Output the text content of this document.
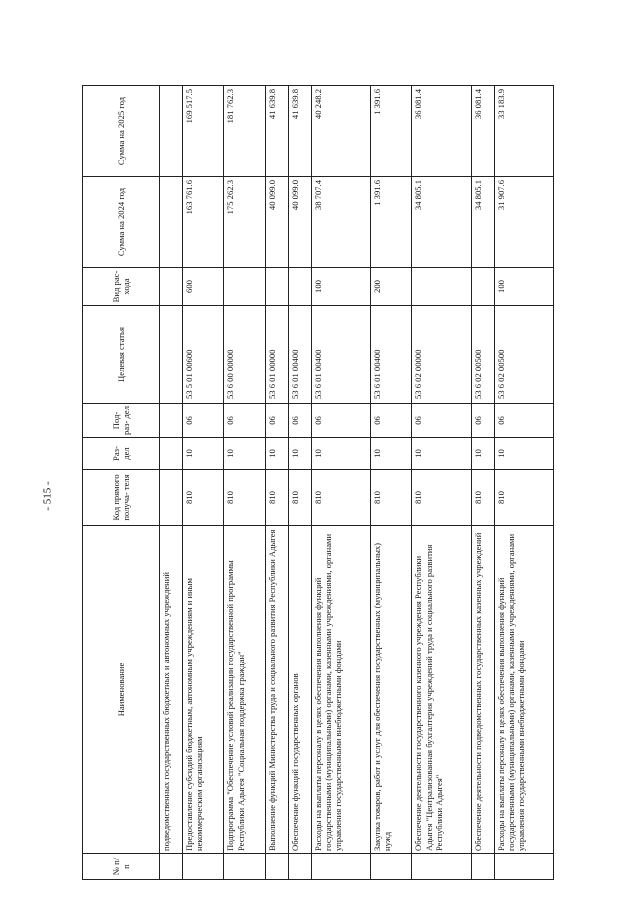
- 515 -
№ п/п	Наименование	Код прямого получа- теля	Раз- дел	Под- раз- дел	Целевая статья	Вид рас- хода	Сумма на 2024 год	Сумма на 2025 год
	подведомственных государственных бюджетных и автономных учреждений							
	Предоставление субсидий бюджетным, автономным учреждениям и иным некоммерческим организациям	810	10	06	53 5 01 00600	600	163 761.6	169 517.5
	Подпрограмма "Обеспечение условий реализации государственной программы Республики Адыгея "Социальная поддержка граждан"	810	10	06	53 6 00 00000		175 262.3	181 762.3
	Выполнение функций Министерства труда и социального развития Республики Адыгея	810	10	06	53 6 01 00000		40 099.0	41 639.8
	Обеспечение функций государственных органов	810	10	06	53 6 01 00400		40 099.0	41 639.8
	Расходы на выплаты персоналу в целях обеспечения выполнения функций государственными (муниципальными) органами, казенными учреждениями, органами управления государственными внебюджетными фондами	810	10	06	53 6 01 00400	100	38 707.4	40 248.2
	Закупка товаров, работ и услуг для обеспечения государственных (муниципальных) нужд	810	10	06	53 6 01 00400	200	1 391.6	1 391.6
	Обеспечение деятельности государственного казенного учреждения Республики Адыгея "Централизованная бухгалтерия учреждений труда и социального развития Республики Адыгея"	810	10	06	53 6 02 00000		34 805.1	36 081.4
	Обеспечение деятельности подведомственных государственных казенных учреждений	810	10	06	53 6 02 00500		34 805.1	36 081.4
	Расходы на выплаты персоналу в целях обеспечения выполнения функций государственными (муниципальными) органами, казенными учреждениями, органами управления государственными внебюджетными фондами	810	10	06	53 6 02 00500	100	31 907.6	33 183.9
